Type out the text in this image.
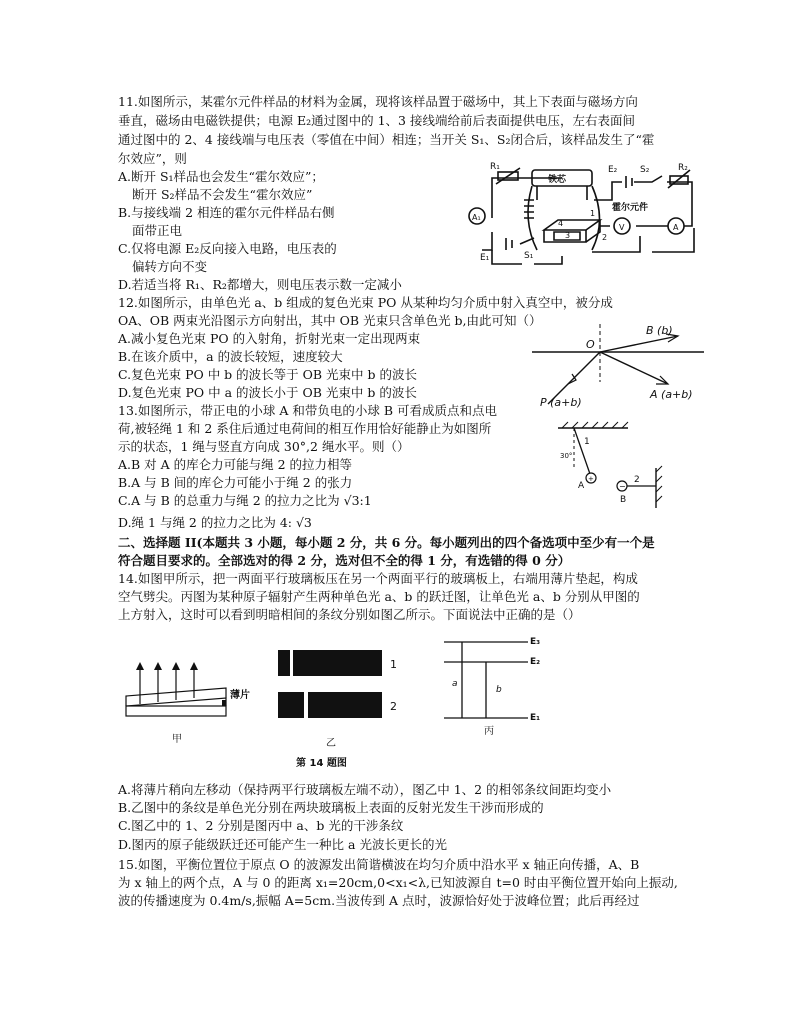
11.如图所示，某霍尔元件样品的材料为金属，现将该样品置于磁场中，其上下表面与磁场方向
垂直，磁场由电磁铁提供；电源 E₂通过图中的 1、3 接线端给前后表面提供电压，左右表面间
通过图中的 2、4 接线端与电压表（零值在中间）相连；当开关 S₁、S₂闭合后，该样品发生了“霍
尔效应”，则
A.断开 S₁样品也会发生“霍尔效应”；
断开 S₂样品不会发生“霍尔效应”
B.与接线端 2 相连的霍尔元件样品右侧
面带正电
C.仅将电源 E₂反向接入电路，电压表的
偏转方向不变
D.若适当将 R₁、R₂都增大，则电压表示数一定减小
R₁
铁芯
E₂	S₂	R₂
霍尔元件
A₁
V	A
E₁	S₁
1
2
3
4
12.如图所示，由单色光 a、b 组成的复色光束 PO 从某种均匀介质中射入真空中，被分成
OA、OB 两束光沿图示方向射出，其中 OB 光束只含单色光 b,由此可知（）
A.减小复色光束 PO 的入射角，折射光束一定出现两束
B.在该介质中，a 的波长较短，速度较大
C.复色光束 PO 中 b 的波长等于 OB 光束中 b 的波长
D.复色光束 PO 中 a 的波长小于 OB 光束中 b 的波长
O
B (b)
A (a+b)
P (a+b)
13.如图所示，带正电的小球 A 和带负电的小球 B 可看成质点和点电
荷,被轻绳 1 和 2 系住后通过电荷间的相互作用恰好能静止为如图所
示的状态，1 绳与竖直方向成 30°,2 绳水平。则（）
A.B 对 A 的库仑力可能与绳 2 的拉力相等
B.A 与 B 间的库仑力可能小于绳 2 的张力
C.A 与 B 的总重力与绳 2 的拉力之比为 √3:1
D.绳 1 与绳 2 的拉力之比为 4: √3
+
−
1
30°
A
2
B
二、选择题 II(本题共 3 小题，每小题 2 分，共 6 分。每小题列出的四个备选项中至少有一个是
符合题目要求的。全部选对的得 2 分，选对但不全的得 1 分，有选错的得 0 分）
14.如图甲所示，把一两面平行玻璃板压在另一个两面平行的玻璃板上，右端用薄片垫起，构成
空气劈尖。丙图为某种原子辐射产生两种单色光 a、b 的跃迁图，让单色光 a、b 分别从甲图的
上方射入，这时可以看到明暗相间的条纹分别如图乙所示。下面说法中正确的是（）
薄片
甲
1
2
乙
E₃
E₂
E₁
a
b
丙
第 14 题图
A.将薄片稍向左移动（保持两平行玻璃板左端不动），图乙中 1、2 的相邻条纹间距均变小
B.乙图中的条纹是单色光分别在两块玻璃板上表面的反射光发生干涉而形成的
C.图乙中的 1、2 分别是图丙中 a、b 光的干涉条纹
D.图丙的原子能级跃迁还可能产生一种比 a 光波长更长的光
15.如图，平衡位置位于原点 O 的波源发出简谐横波在均匀介质中沿水平 x 轴正向传播，A、B
为 x 轴上的两个点，A 与 0 的距离 x₁=20cm,0<x₁<λ,已知波源自 t=0 时由平衡位置开始向上振动,
波的传播速度为 0.4m/s,振幅 A=5cm.当波传到 A 点时，波源恰好处于波峰位置；此后再经过
